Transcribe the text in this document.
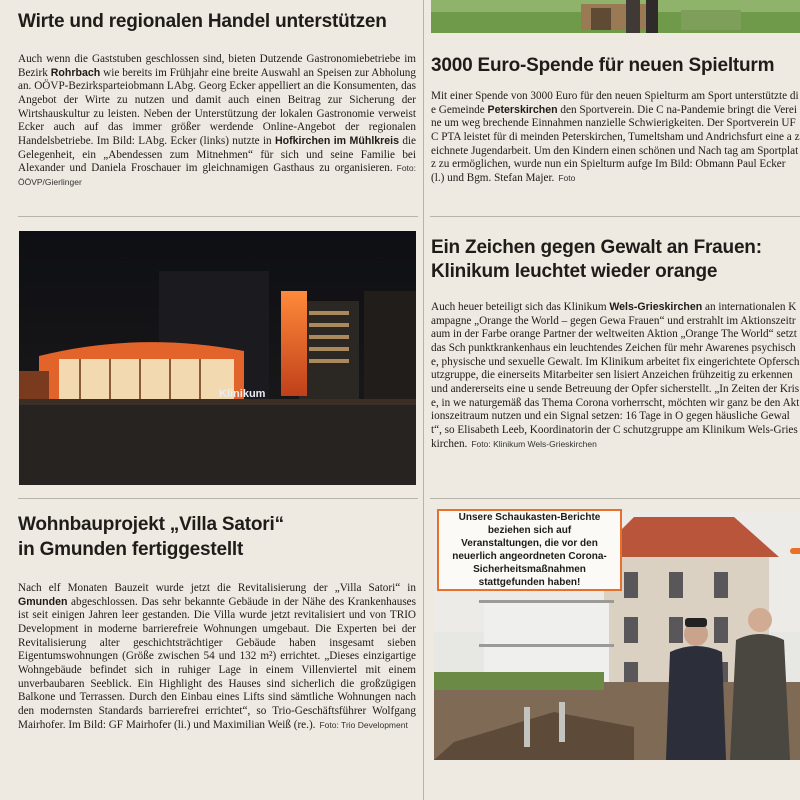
Wirte und regionalen Handel unterstützen
Auch wenn die Gaststuben geschlossen sind, bieten Dutzende Gastronomiebetriebe im Bezirk Rohrbach wie bereits im Frühjahr eine breite Auswahl an Speisen zur Abholung an. OÖVP-Bezirksparteiobmann LAbg. Georg Ecker appelliert an die Konsumenten, das Angebot der Wirte zu nutzen und damit auch einen Beitrag zur Sicherung der Wirtshauskultur zu leisten. Neben der Unterstützung der lokalen Gastronomie verweist Ecker auch auf das immer größer werdende Online-Angebot der regionalen Handelsbetriebe. Im Bild: LAbg. Ecker (links) nutzte in Hofkirchen im Mühlkreis die Gelegenheit, ein „Abendessen zum Mitnehmen“ für sich und seine Familie bei Alexander und Daniela Froschauer im gleichnamigen Gasthaus zu organisieren. Foto: ÖÖVP/Gierlinger
3000 Euro-Spende für neuen Spielturm
Mit einer Spende von 3000 Euro für den neuen Spielturm am Sport unterstützte die Gemeinde Peterskirchen den Sportverein. Die C na-Pandemie bringt die Vereine um weg brechende Einnahmen nanzielle Schwierigkeiten. Der Sportverein UFC PTA leistet für di meinden Peterskirchen, Tumeltsham und Andrichsfurt eine a zeichnete Jugendarbeit. Um den Kindern einen schönen und Nach tag am Sportplatz zu ermöglichen, wurde nun ein Spielturm aufge Im Bild: Obmann Paul Ecker (l.) und Bgm. Stefan Majer. Foto
Klinikum
Ein Zeichen gegen Gewalt an Frauen:
Klinikum leuchtet wieder orange
Auch heuer beteiligt sich das Klinikum Wels-Grieskirchen an internationalen Kampagne „Orange the World – gegen Gewa Frauen“ und erstrahlt im Aktionszeitraum in der Farbe orange Partner der weltweiten Aktion „Orange The World“ setzt das Sch punktkrankenhaus ein leuchtendes Zeichen für mehr Awarenes psychische, physische und sexuelle Gewalt. Im Klinikum arbeitet fix eingerichtete Opferschutzgruppe, die einerseits Mitarbeiter sen lisiert Anzeichen frühzeitig zu erkennen und andererseits eine u sende Betreuung der Opfer sicherstellt. „In Zeiten der Krise, in we naturgemäß das Thema Corona vorherrscht, möchten wir ganz be den Aktionszeitraum nutzen und ein Signal setzen: 16 Tage in O gegen häusliche Gewalt“, so Elisabeth Leeb, Koordinatorin der C schutzgruppe am Klinikum Wels-Grieskirchen. Foto: Klinikum Wels-Grieskirchen
Wohnbauprojekt „Villa Satori“
in Gmunden fertiggestellt
Nach elf Monaten Bauzeit wurde jetzt die Revitalisierung der „Villa Satori“ in Gmunden abgeschlossen. Das sehr bekannte Gebäude in der Nähe des Krankenhauses ist seit einigen Jahren leer gestanden. Die Villa wurde jetzt revitalisiert und von TRIO Development in moderne barrierefreie Wohnungen umgebaut. Die Experten bei der Revitalisierung alter geschichtsträchtiger Gebäude haben insgesamt sieben Eigentumswohnungen (Größe zwischen 54 und 132 m²) errichtet. „Dieses einzigartige Wohngebäude befindet sich in ruhiger Lage in einem Villenviertel mit einem unverbaubaren Seeblick. Ein Highlight des Hauses sind sicherlich die großzügigen Balkone und Terrassen. Durch den Einbau eines Lifts sind sämtliche Wohnungen nach den modernsten Standards barrierefrei errichtet“, so Trio-Geschäftsführer Wolfgang Mairhofer. Im Bild: GF Mairhofer (li.) und Maximilian Weiß (re.). Foto: Trio Development
Unsere Schaukasten-Berichte beziehen sich auf Veranstaltungen, die vor den neuerlich angeordneten Corona-Sicherheitsmaßnahmen stattgefunden haben!
